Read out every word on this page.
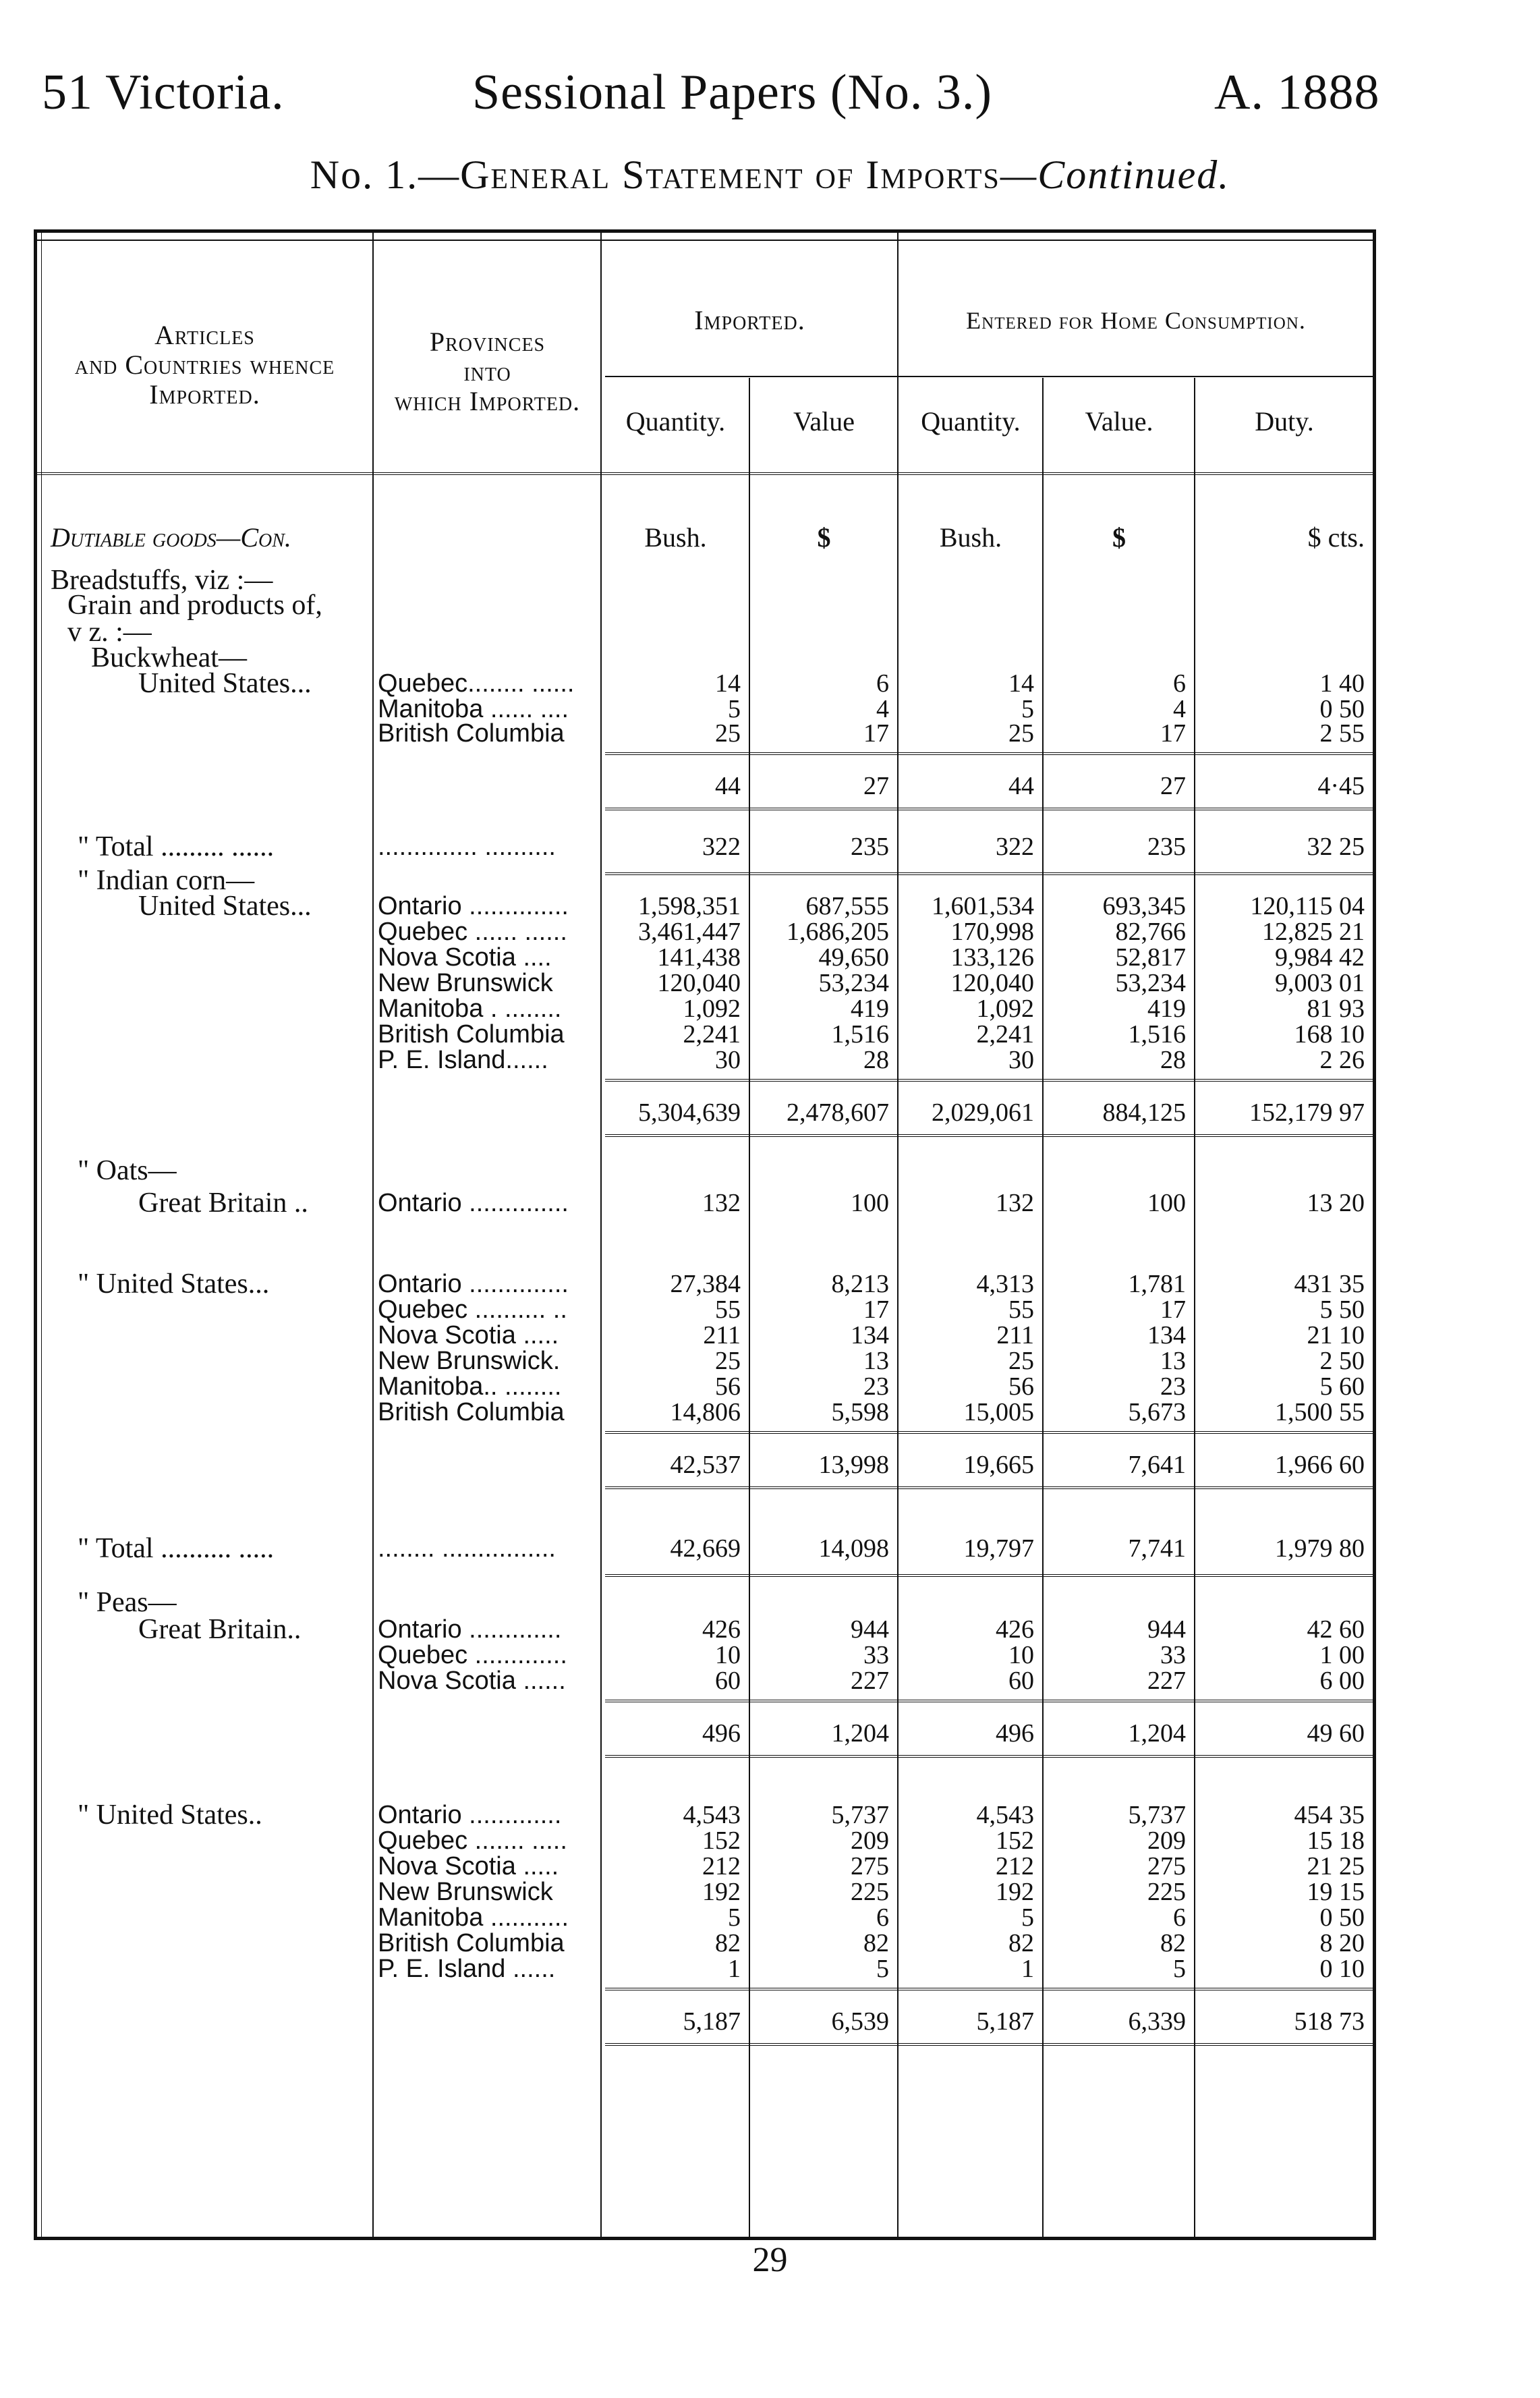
51 Victoria.	Sessional Papers (No. 3.)	A. 1888
No. 1.—General Statement of Imports—Continued.
Articles
and Countries whence
Imported.
Provinces
into
which Imported.
Imported.	Entered for Home Consumption.
Quantity.	Value	Quantity.	Value.	Duty.
Dutiable goods—Con.	Bush.	$	Bush.	$	$ cts.
Breadstuffs, viz :—
Grain and products of,
v z. :—
Buckwheat—
United States...	Quebec........ ......	14	6	14	6	1 40
Manitoba ...... ....	5	4	5	4	0 50
British Columbia	25	17	25	17	2 55
44	27	44	27	4·45
" Total ......... ......	.............. ..........	322	235	322	235	32 25
" Indian corn—
United States...	Ontario ..............	1,598,351	687,555	1,601,534	693,345	120,115 04
Quebec ...... ......	3,461,447	1,686,205	170,998	82,766	12,825 21
Nova Scotia ....	141,438	49,650	133,126	52,817	9,984 42
New Brunswick	120,040	53,234	120,040	53,234	9,003 01
Manitoba . ........	1,092	419	1,092	419	81 93
British Columbia	2,241	1,516	2,241	1,516	168 10
P. E. Island......	30	28	30	28	2 26
5,304,639	2,478,607	2,029,061	884,125	152,179 97
" Oats—
Great Britain ..	Ontario ..............	132	100	132	100	13 20
" United States...	Ontario ..............	27,384	8,213	4,313	1,781	431 35
Quebec .......... ..	55	17	55	17	5 50
Nova Scotia .....	211	134	211	134	21 10
New Brunswick.	25	13	25	13	2 50
Manitoba.. ........	56	23	56	23	5 60
British Columbia	14,806	5,598	15,005	5,673	1,500 55
42,537	13,998	19,665	7,641	1,966 60
" Total .......... .....	........ ................	42,669	14,098	19,797	7,741	1,979 80
" Peas—
Great Britain..	Ontario .............	426	944	426	944	42 60
Quebec .............	10	33	10	33	1 00
Nova Scotia ......	60	227	60	227	6 00
496	1,204	496	1,204	49 60
" United States..	Ontario .............	4,543	5,737	4,543	5,737	454 35
Quebec ....... .....	152	209	152	209	15 18
Nova Scotia .....	212	275	212	275	21 25
New Brunswick	192	225	192	225	19 15
Manitoba ...........	5	6	5	6	0 50
British Columbia	82	82	82	82	8 20
P. E. Island ......	1	5	1	5	0 10
5,187	6,539	5,187	6,339	518 73
29
